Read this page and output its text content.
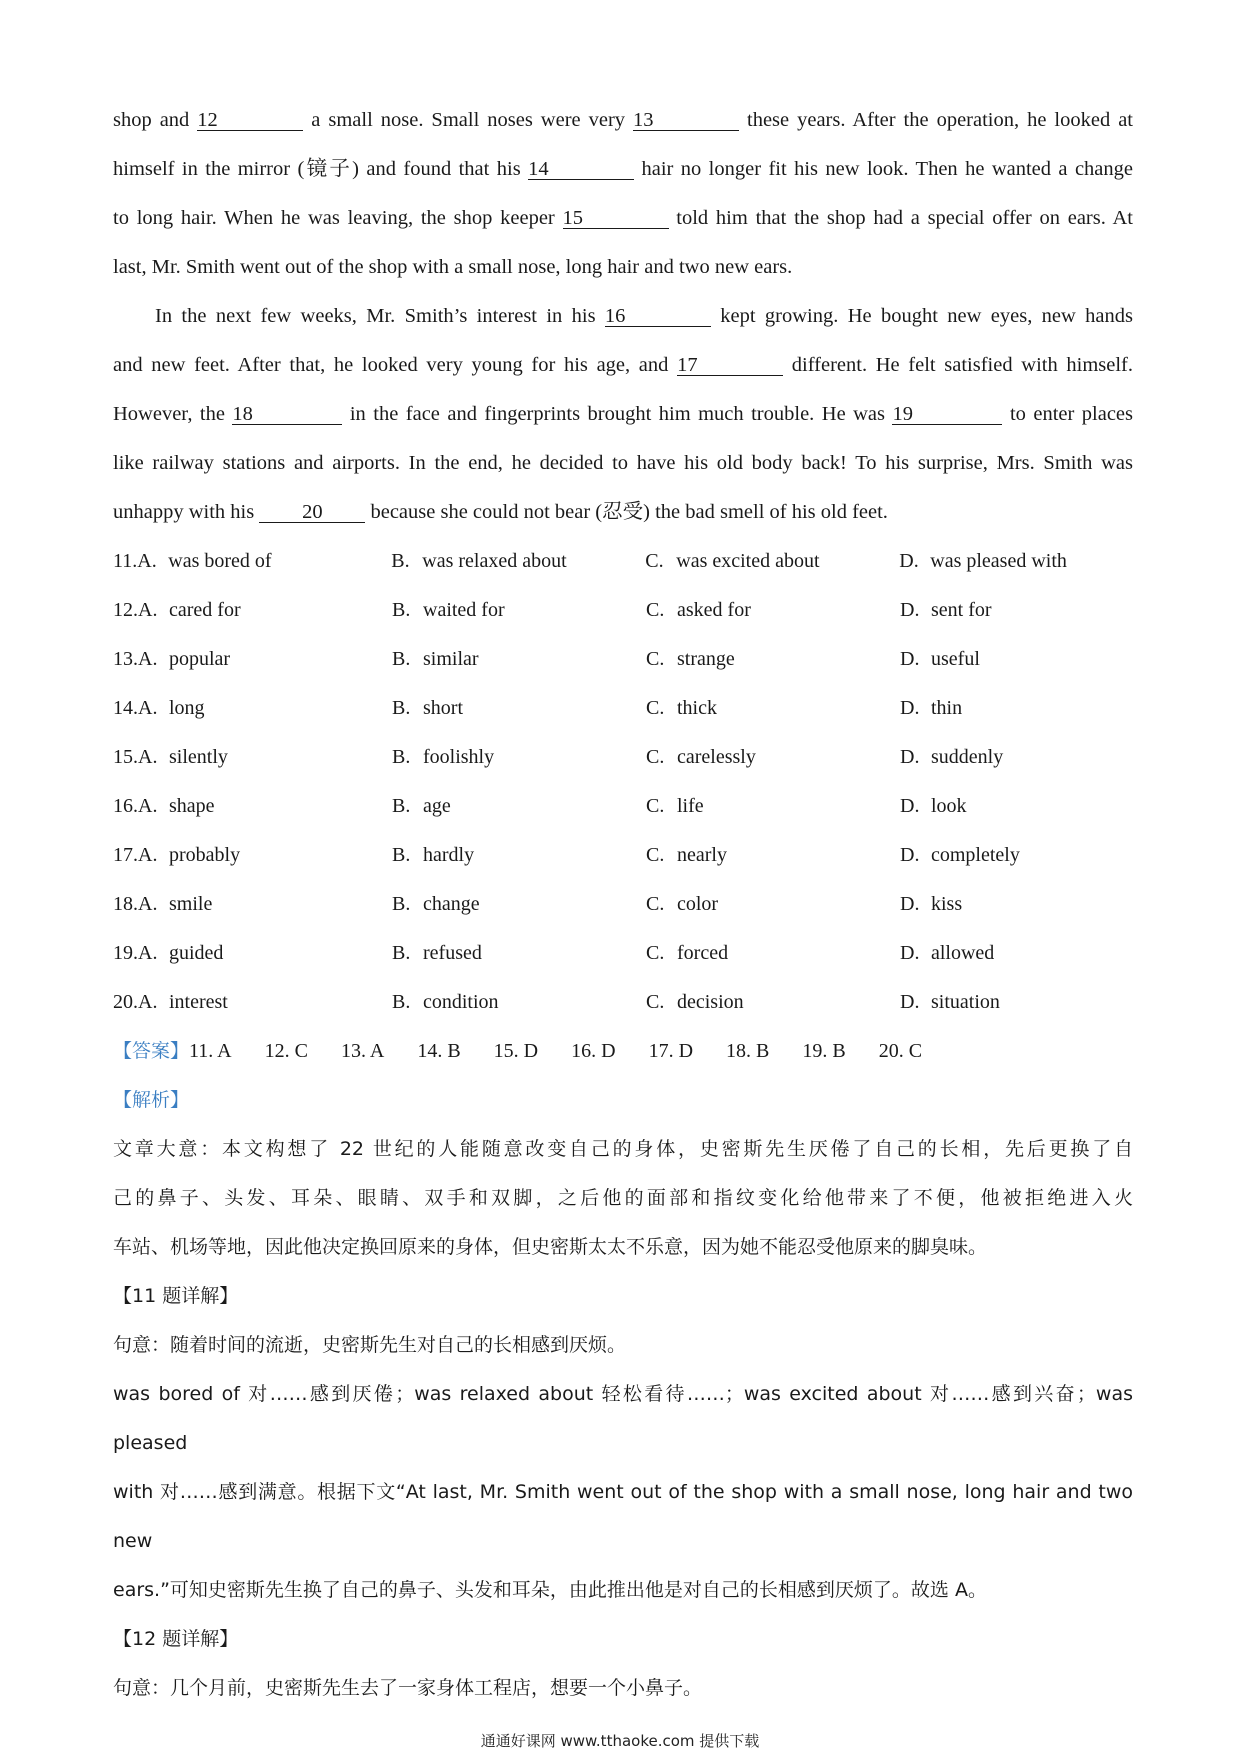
shop and 12	a small nose. Small noses were very 13	these years. After the operation, he looked at
himself in the mirror (镜子) and found that his 14	hair no longer fit his new look. Then he wanted a change
to long hair. When he was leaving, the shop keeper 15	told him that the shop had a special offer on ears. At
last, Mr. Smith went out of the shop with a small nose, long hair and two new ears.
In the next few weeks, Mr. Smith’s interest in his 16	kept growing. He bought new eyes, new hands
and new feet. After that, he looked very young for his age, and 17	different. He felt satisfied with himself.
However, the 18	in the face and fingerprints brought him much trouble. He was 19	to enter places
like railway stations and airports. In the end, he decided to have his old body back! To his surprise, Mrs. Smith was
unhappy with his 20 because she could not bear (忍受) the bad smell of his old feet.
11. A. was bored of	B. was relaxed about	C. was excited about	D. was pleased with
12. A. cared for	B. waited for	C. asked for	D. sent for
13. A. popular	B. similar	C. strange	D. useful
14. A. long	B. short	C. thick	D. thin
15. A. silently	B. foolishly	C. carelessly	D. suddenly
16. A. shape	B. age	C. life	D. look
17. A. probably	B. hardly	C. nearly	D. completely
18. A. smile	B. change	C. color	D. kiss
19. A. guided	B. refused	C. forced	D. allowed
20. A. interest	B. condition	C. decision	D. situation
【答案】 11. A 12. C 13. A 14. B 15. D 16. D 17. D 18. B 19. B 20. C
【解析】
文章大意：本文构想了 22 世纪的人能随意改变自己的身体，史密斯先生厌倦了自己的长相，先后更换了自
己的鼻子、头发、耳朵、眼睛、双手和双脚，之后他的面部和指纹变化给他带来了不便，他被拒绝进入火
车站、机场等地，因此他决定换回原来的身体，但史密斯太太不乐意，因为她不能忍受他原来的脚臭味。
【11 题详解】
句意：随着时间的流逝，史密斯先生对自己的长相感到厌烦。
was bored of 对……感到厌倦；was relaxed about 轻松看待……；was excited about 对……感到兴奋；was pleased
with 对……感到满意。根据下文“At last, Mr. Smith went out of the shop with a small nose, long hair and two new
ears.”可知史密斯先生换了自己的鼻子、头发和耳朵，由此推出他是对自己的长相感到厌烦了。故选 A。
【12 题详解】
句意：几个月前，史密斯先生去了一家身体工程店，想要一个小鼻子。
通通好课网 www.tthaoke.com 提供下载
